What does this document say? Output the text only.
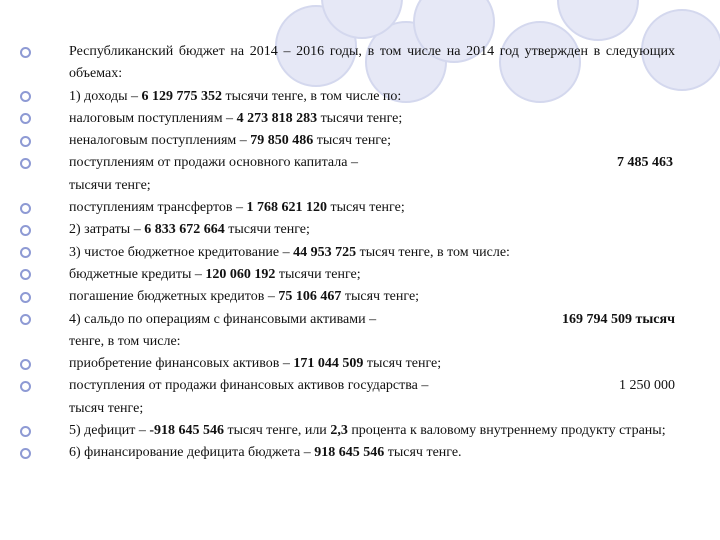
Республиканский бюджет на 2014 – 2016 годы, в том числе на 2014 год утвержден в следующих объемах:
1) доходы – 6 129 775 352 тысячи тенге, в том числе по:
налоговым поступлениям – 4 273 818 283 тысячи тенге;
неналоговым поступлениям – 79 850 486 тысяч тенге;
поступлениям от продажи основного капитала –	7 485 463
тысячи тенге;
поступлениям трансфертов – 1 768 621 120 тысяч тенге;
2) затраты – 6 833 672 664 тысячи тенге;
3) чистое бюджетное кредитование – 44 953 725 тысяч тенге, в том числе:
бюджетные кредиты – 120 060 192 тысячи тенге;
погашение бюджетных кредитов – 75 106 467 тысяч тенге;
4) сальдо по операциям с финансовыми активами –	169 794 509 тысяч
тенге, в том числе:
приобретение финансовых активов – 171 044 509 тысяч тенге;
поступления от продажи финансовых активов государства –	1 250 000
тысяч тенге;
5) дефицит – -918 645 546 тысяч тенге, или 2,3 процента к валовому внутреннему продукту страны;
6) финансирование дефицита бюджета – 918 645 546 тысяч тенге.
